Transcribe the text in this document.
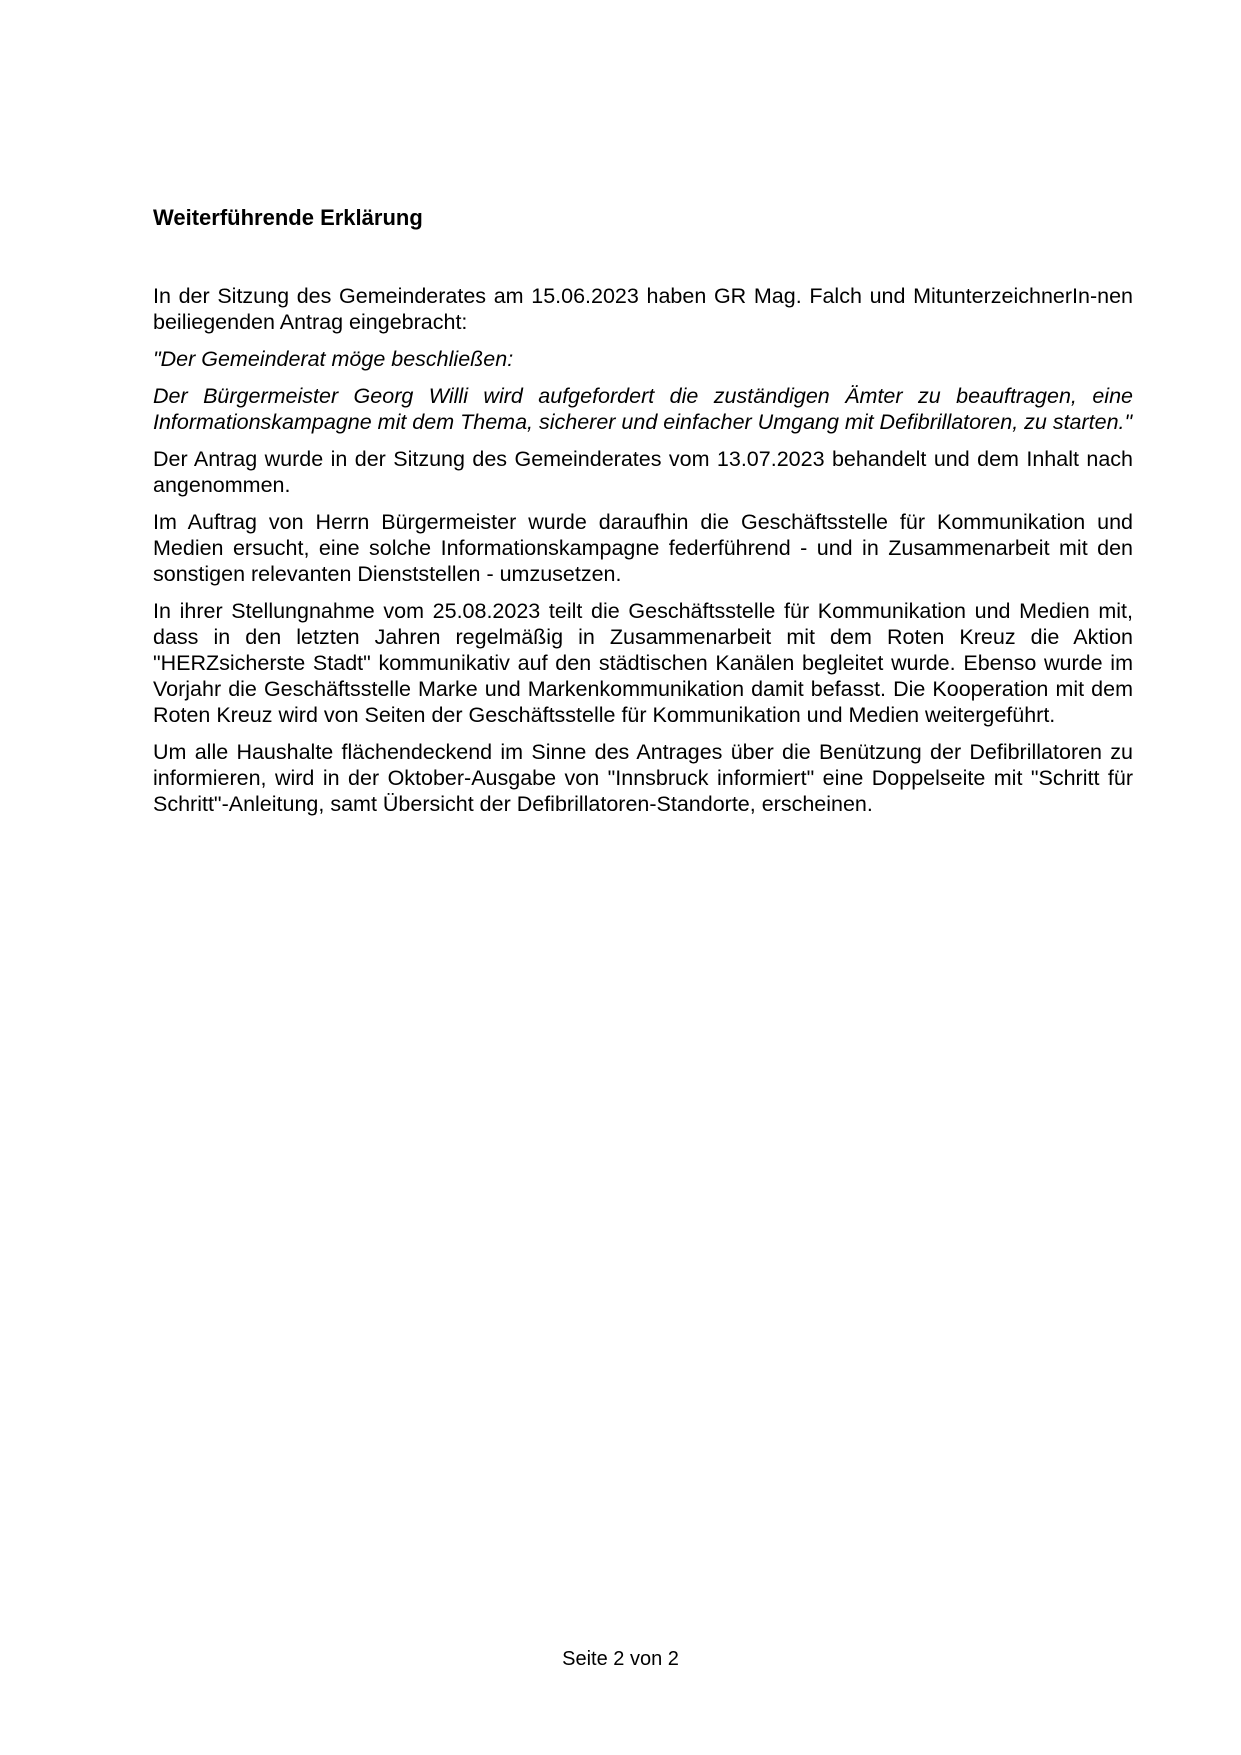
Weiterführende Erklärung

In der Sitzung des Gemeinderates am 15.06.2023 haben GR Mag. Falch und MitunterzeichnerIn-nen beiliegenden Antrag eingebracht:

"Der Gemeinderat möge beschließen:

Der Bürgermeister Georg Willi wird aufgefordert die zuständigen Ämter zu beauftragen, eine Informationskampagne mit dem Thema, sicherer und einfacher Umgang mit Defibrillatoren, zu starten."

Der Antrag wurde in der Sitzung des Gemeinderates vom 13.07.2023 behandelt und dem Inhalt nach angenommen.

Im Auftrag von Herrn Bürgermeister wurde daraufhin die Geschäftsstelle für Kommunikation und Medien ersucht, eine solche Informationskampagne federführend - und in Zusammenarbeit mit den sonstigen relevanten Dienststellen - umzusetzen.

In ihrer Stellungnahme vom 25.08.2023 teilt die Geschäftsstelle für Kommunikation und Medien mit, dass in den letzten Jahren regelmäßig in Zusammenarbeit mit dem Roten Kreuz die Aktion "HERZsicherste Stadt" kommunikativ auf den städtischen Kanälen begleitet wurde. Ebenso wurde im Vorjahr die Geschäftsstelle Marke und Markenkommunikation damit befasst. Die Kooperation mit dem Roten Kreuz wird von Seiten der Geschäftsstelle für Kommunikation und Medien weitergeführt.

Um alle Haushalte flächendeckend im Sinne des Antrages über die Benützung der Defibrillatoren zu informieren, wird in der Oktober-Ausgabe von "Innsbruck informiert" eine Doppelseite mit "Schritt für Schritt"-Anleitung, samt Übersicht der Defibrillatoren-Standorte, erscheinen.

Seite 2 von 2
